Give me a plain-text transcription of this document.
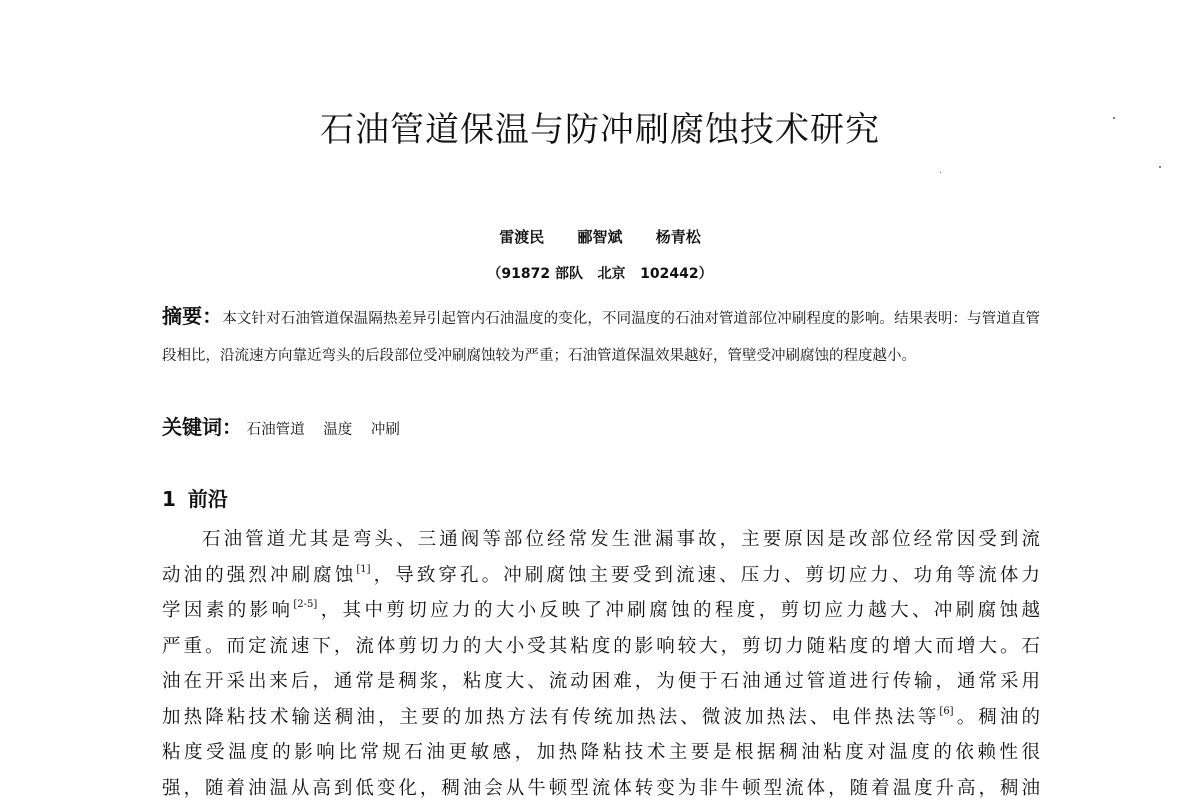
石油管道保温与防冲刷腐蚀技术研究
雷渡民 郦智斌 杨青松
（91872 部队   北京   102442）
摘要：本文针对石油管道保温隔热差异引起管内石油温度的变化，不同温度的石油对管道部位冲刷程度的影响。结果表明：与管道直管段相比，沿流速方向靠近弯头的后段部位受冲刷腐蚀较为严重；石油管道保温效果越好，管壁受冲刷腐蚀的程度越小。
关键词： 石油管道 温度 冲刷
1 前沿
石油管道尤其是弯头、三通阀等部位经常发生泄漏事故，主要原因是改部位经常因受到流
动油的强烈冲刷腐蚀[1]，导致穿孔。冲刷腐蚀主要受到流速、压力、剪切应力、功角等流体力
学因素的影响[2-5]，其中剪切应力的大小反映了冲刷腐蚀的程度，剪切应力越大、冲刷腐蚀越
严重。而定流速下，流体剪切力的大小受其粘度的影响较大，剪切力随粘度的增大而增大。石
油在开采出来后，通常是稠浆，粘度大、流动困难，为便于石油通过管道进行传输，通常采用
加热降粘技术输送稠油，主要的加热方法有传统加热法、微波加热法、电伴热法等[6]。稠油的
粘度受温度的影响比常规石油更敏感，加热降粘技术主要是根据稠油粘度对温度的依赖性很
强，随着油温从高到低变化，稠油会从牛顿型流体转变为非牛顿型流体，随着温度升高，稠油
